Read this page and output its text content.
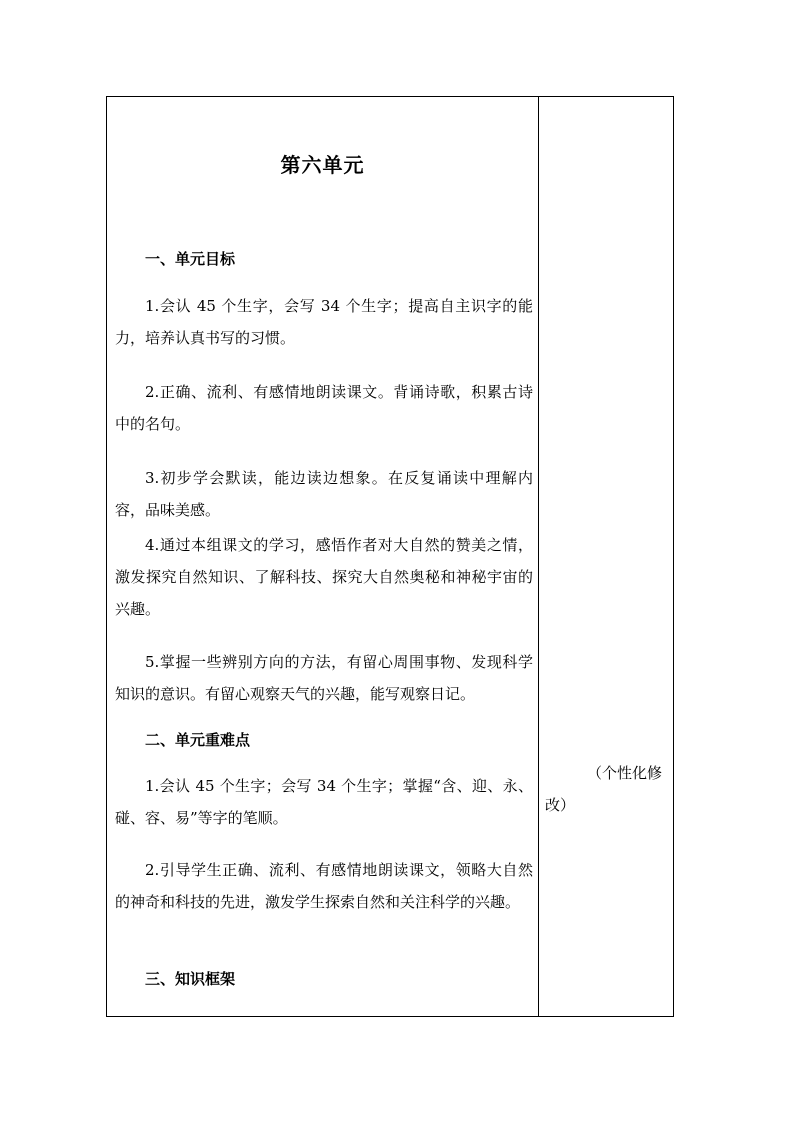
第六单元
一、单元目标
1.会认 45 个生字，会写 34 个生字；提高自主识字的能力，培养认真书写的习惯。
2.正确、流利、有感情地朗读课文。背诵诗歌，积累古诗中的名句。
3.初步学会默读，能边读边想象。在反复诵读中理解内容，品味美感。
4.通过本组课文的学习，感悟作者对大自然的赞美之情，激发探究自然知识、了解科技、探究大自然奥秘和神秘宇宙的兴趣。
5.掌握一些辨别方向的方法，有留心周围事物、发现科学知识的意识。有留心观察天气的兴趣，能写观察日记。
二、单元重难点
1.会认 45 个生字；会写 34 个生字；掌握“含、迎、永、碰、容、易”等字的笔顺。
2.引导学生正确、流利、有感情地朗读课文，领略大自然的神奇和科技的先进，激发学生探索自然和关注科学的兴趣。
三、知识框架
（个性化修改）
